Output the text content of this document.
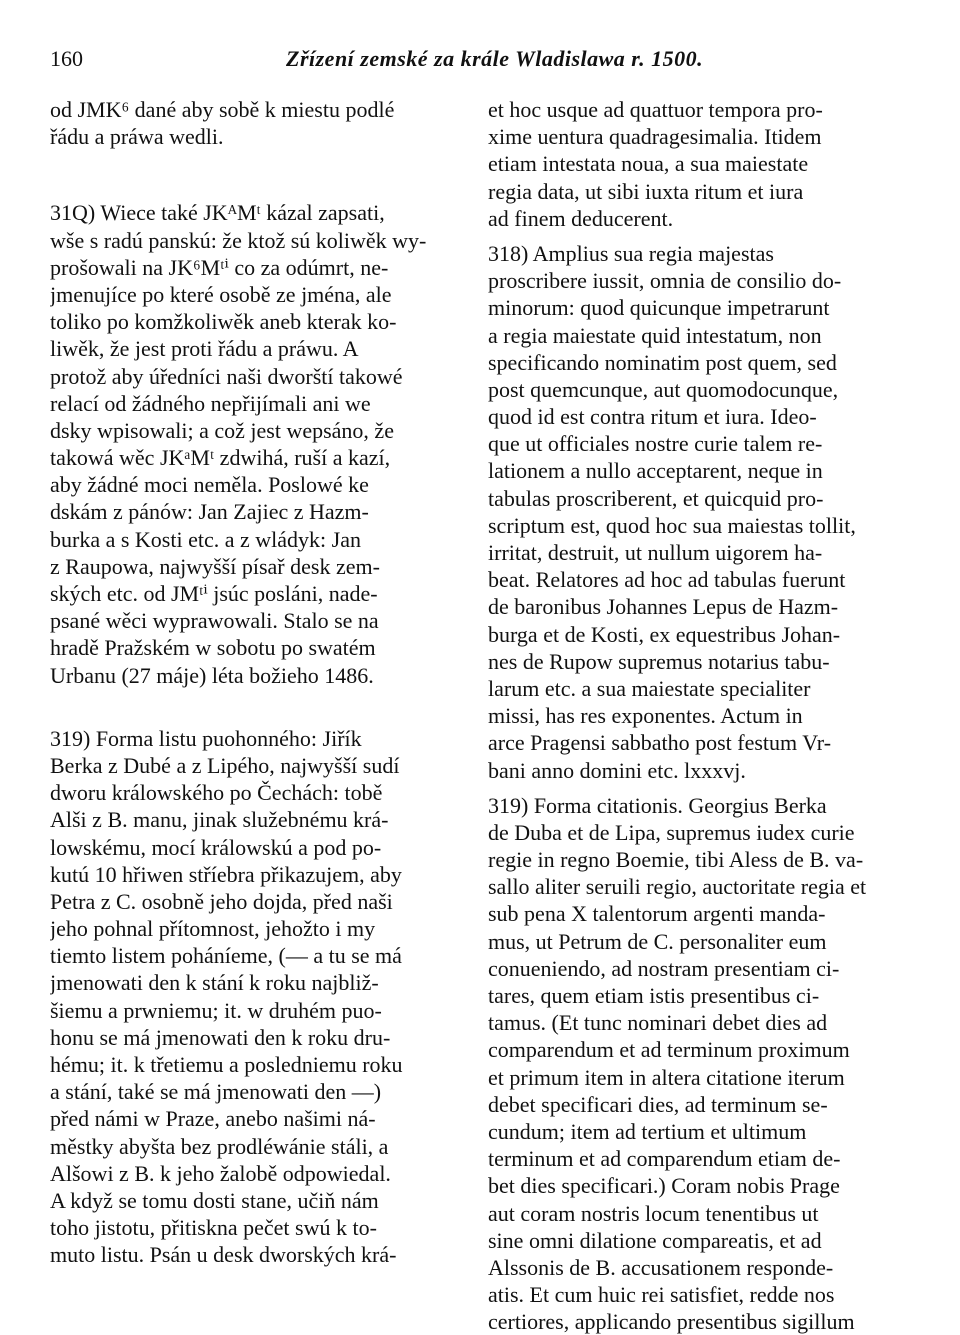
160	Zřízení zemské za krále Wladislawa r. 1500.
od JMK⁶ dané aby sobě k miestu podlé
řádu a práwa wedli.
31⁠Q) Wiece také JKᴬMᵗ kázal zapsati,
wše s radú panskú: že ktož sú koliwěk wy-
prošowali na JK⁶Mᵗⁱ co za odúmrt, ne-
jmenujíce po které osobě ze jména, ale
toliko po komžkoliwěk aneb kterak ko-
liwěk, že jest proti řádu a práwu. A
protož aby úředníci naši dworští takowé
relací od žádného nepřijímali ani we
dsky wpisowali; a což jest wepsáno, že
takowá wěc JKᵃMᵗ zdwihá, ruší a kazí,
aby žádné moci neměla. Poslowé ke
dskám z pánów: Jan Zajiec z Hazm-
burka a s Kosti etc. a z wládyk: Jan
z Raupowa, najwyšší písař desk zem-
ských etc. od JMᵗⁱ jsúc posláni, nade-
psané wěci wyprawowali. Stalo se na
hradě Pražském w sobotu po swatém
Urbanu (27 máje) léta božieho 1486.
319) Forma listu puohonného: Jiřík
Berka z Dubé a z Lipého, najwyšší sudí
dworu králowského po Čechách: tobě
Alši z B. manu, jinak služebnému krá-
lowskému, mocí králowskú a pod po-
kutú 10 hřiwen stříebra přikazujem, aby
Petra z C. osobně jeho dojda, před naši
jeho pohnal přítomnost, jehožto i my
tiemto listem poháníeme, (— a tu se má
jmenowati den k stání k roku najbliž-
šiemu a prwniemu; it. w druhém puo-
honu se má jmenowati den k roku dru-
hému; it. k třetiemu a posledniemu roku
a stání, také se má jmenowati den —)
před námi w Praze, anebo našimi ná-
městky abyšta bez prodléwánie stáli, a
Alšowi z B. k jeho žalobě odpowiedal.
A když se tomu dosti stane, učiň nám
toho jistotu, přitiskna pečet swú k to-
muto listu. Psán u desk dworských krá-
et hoc usque ad quattuor tempora pro-
xime uentura quadragesimalia. Itidem
etiam intestata noua, a sua maiestate
regia data, ut sibi iuxta ritum et iura
ad finem deducerent.
318) Amplius sua regia majestas
proscribere iussit, omnia de consilio do-
minorum: quod quicunque impetrarunt
a regia maiestate quid intestatum, non
specificando nominatim post quem, sed
post quemcunque, aut quomodocunque,
quod id est contra ritum et iura. Ideo-
que ut officiales nostre curie talem re-
lationem a nullo acceptarent, neque in
tabulas proscriberent, et quicquid pro-
scriptum est, quod hoc sua maiestas tollit,
irritat, destruit, ut nullum uigorem ha-
beat. Relatores ad hoc ad tabulas fuerunt
de baronibus Johannes Lepus de Hazm-
burga et de Kosti, ex equestribus Johan-
nes de Rupow supremus notarius tabu-
larum etc. a sua maiestate specialiter
missi, has res exponentes. Actum in
arce Pragensi sabbatho post festum Vr-
bani anno domini etc. lxxxvj.
319) Forma citationis. Georgius Berka
de Duba et de Lipa, supremus iudex curie
regie in regno Boemie, tibi Aless de B. va-
sallo aliter seruili regio, auctoritate regia et
sub pena X talentorum argenti manda-
mus, ut Petrum de C. personaliter eum
conueniendo, ad nostram presentiam ci-
tares, quem etiam istis presentibus ci-
tamus. (Et tunc nominari debet dies ad
comparendum et ad terminum proximum
et primum item in altera citatione iterum
debet specificari dies, ad terminum se-
cundum; item ad tertium et ultimum
terminum et ad comparendum etiam de-
bet dies specificari.) Coram nobis Prage
aut coram nostris locum tenentibus ut
sine omni dilatione compareatis, et ad
Alssonis de B. accusationem responde-
atis. Et cum huic rei satisfiet, redde nos
certiores, applicando presentibus sigillum
